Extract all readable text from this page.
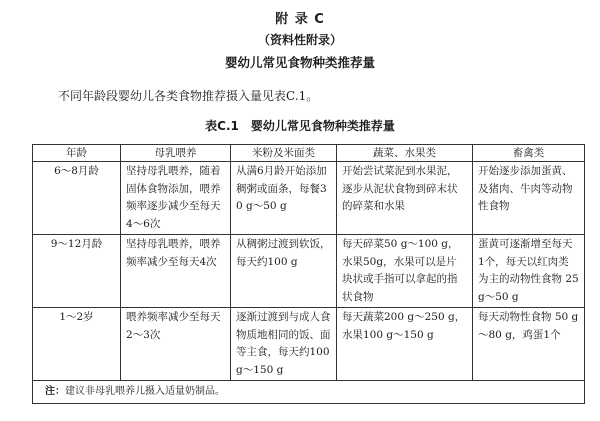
附 录 C
（资料性附录）
婴幼儿常见食物种类推荐量
不同年龄段婴幼儿各类食物推荐摄入量见表C.1。
表C.1　婴幼儿常见食物种类推荐量
年龄	母乳喂养	米粉及米面类	蔬菜、水果类	畜禽类
6～8月龄	坚持母乳喂养，随着固体食物添加，喂养频率逐步减少至每天4～6次	从满6月龄开始添加稠粥或面条，每餐30 g～50 g	开始尝试菜泥到水果泥，逐步从泥状食物到碎末状的碎菜和水果	开始逐步添加蛋黄、及猪肉、牛肉等动物性食物
9～12月龄	坚持母乳喂养，喂养频率减少至每天4次	从稠粥过渡到软饭，每天约100 g	每天碎菜50 g～100 g，水果50g，水果可以是片块状或手指可以拿起的指状食物	蛋黄可逐渐增至每天1个，每天以红肉类为主的动物性食物 25 g～50 g
1～2岁	喂养频率减少至每天2～3次	逐渐过渡到与成人食物质地相同的饭、面等主食，每天约100 g～150 g	每天蔬菜200 g～250 g，水果100 g～150 g	每天动物性食物 50 g～80 g，鸡蛋1个
注：建议非母乳喂养儿摄入适量奶制品。				
